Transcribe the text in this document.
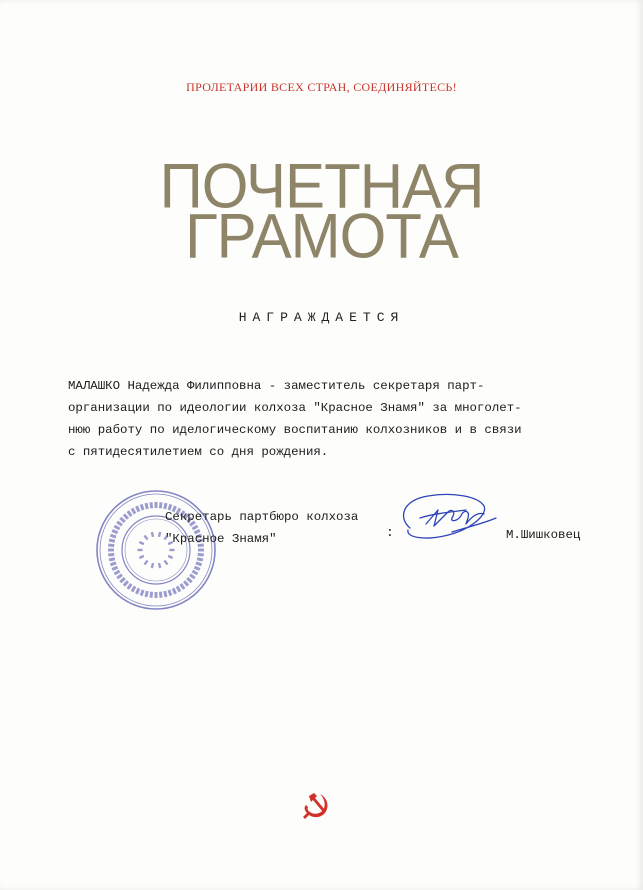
ПРОЛЕТАРИИ ВСЕХ СТРАН, СОЕДИНЯЙТЕСЬ!
ПОЧЕТНАЯ
ГРАМОТА
НАГРАЖДАЕТСЯ

МАЛАШКО Надежда Филипповна - заместитель секретаря парт-

организации по идеологии колхоза "Красное Знамя" за многолет-

нюю работу по иделогическому воспитанию колхозников и в связи

с пятидесятилетием со дня рождения.

Секретарь партбюро колхоза

"Красное Знамя"	:	М.Шишковец
